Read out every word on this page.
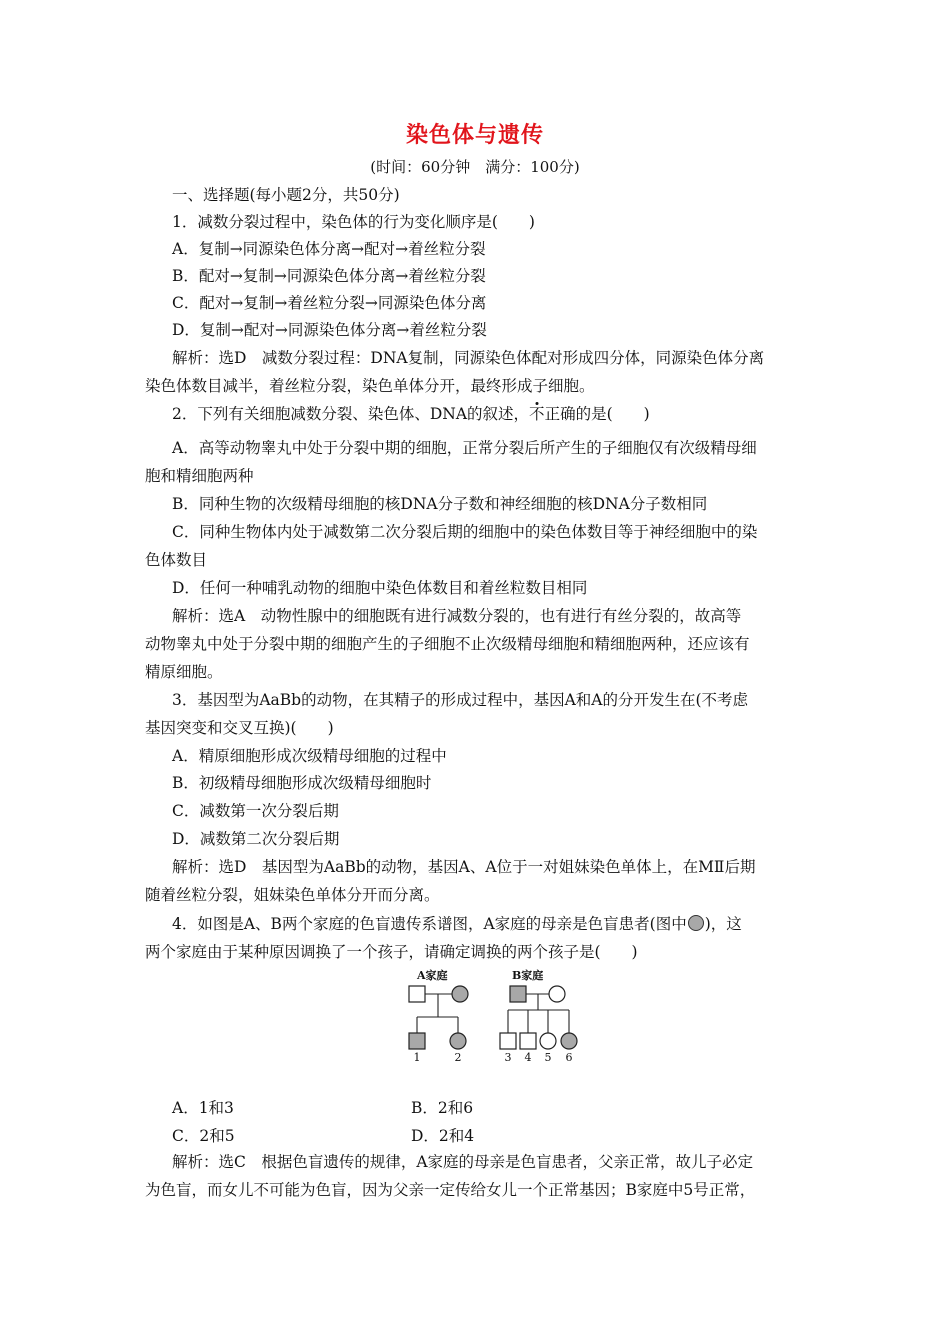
染色体与遗传
(时间：60分钟　满分：100分)
一、选择题(每小题2分，共50分)
1．减数分裂过程中，染色体的行为变化顺序是(　　)
A．复制→同源染色体分离→配对→着丝粒分裂
B．配对→复制→同源染色体分离→着丝粒分裂
C．配对→复制→着丝粒分裂→同源染色体分离
D．复制→配对→同源染色体分离→着丝粒分裂
解析：选D　减数分裂过程：DNA复制，同源染色体配对形成四分体，同源染色体分离
染色体数目减半，着丝粒分裂，染色单体分开，最终形成子细胞。
2．下列有关细胞减数分裂、染色体、DNA的叙述，不正确的是(　　)
A．高等动物睾丸中处于分裂中期的细胞，正常分裂后所产生的子细胞仅有次级精母细
胞和精细胞两种
B．同种生物的次级精母细胞的核DNA分子数和神经细胞的核DNA分子数相同
C．同种生物体内处于减数第二次分裂后期的细胞中的染色体数目等于神经细胞中的染
色体数目
D．任何一种哺乳动物的细胞中染色体数目和着丝粒数目相同
解析：选A　动物性腺中的细胞既有进行减数分裂的，也有进行有丝分裂的，故高等
动物睾丸中处于分裂中期的细胞产生的子细胞不止次级精母细胞和精细胞两种，还应该有
精原细胞。
3．基因型为AaBb的动物，在其精子的形成过程中，基因A和A的分开发生在(不考虑
基因突变和交叉互换)(　　)
A．精原细胞形成次级精母细胞的过程中
B．初级精母细胞形成次级精母细胞时
C．减数第一次分裂后期
D．减数第二次分裂后期
解析：选D　基因型为AaBb的动物，基因A、A位于一对姐妹染色单体上，在MⅡ后期
随着丝粒分裂，姐妹染色单体分开而分离。
4．如图是A、B两个家庭的色盲遗传系谱图，A家庭的母亲是色盲患者(图中 )，这
两个家庭由于某种原因调换了一个孩子，请确定调换的两个孩子是(　　)
A家庭	B家庭
1	2	3 4 5 6
A．1和3	B．2和6
C．2和5	D．2和4
解析：选C　根据色盲遗传的规律，A家庭的母亲是色盲患者，父亲正常，故儿子必定
为色盲，而女儿不可能为色盲，因为父亲一定传给女儿一个正常基因；B家庭中5号正常，
